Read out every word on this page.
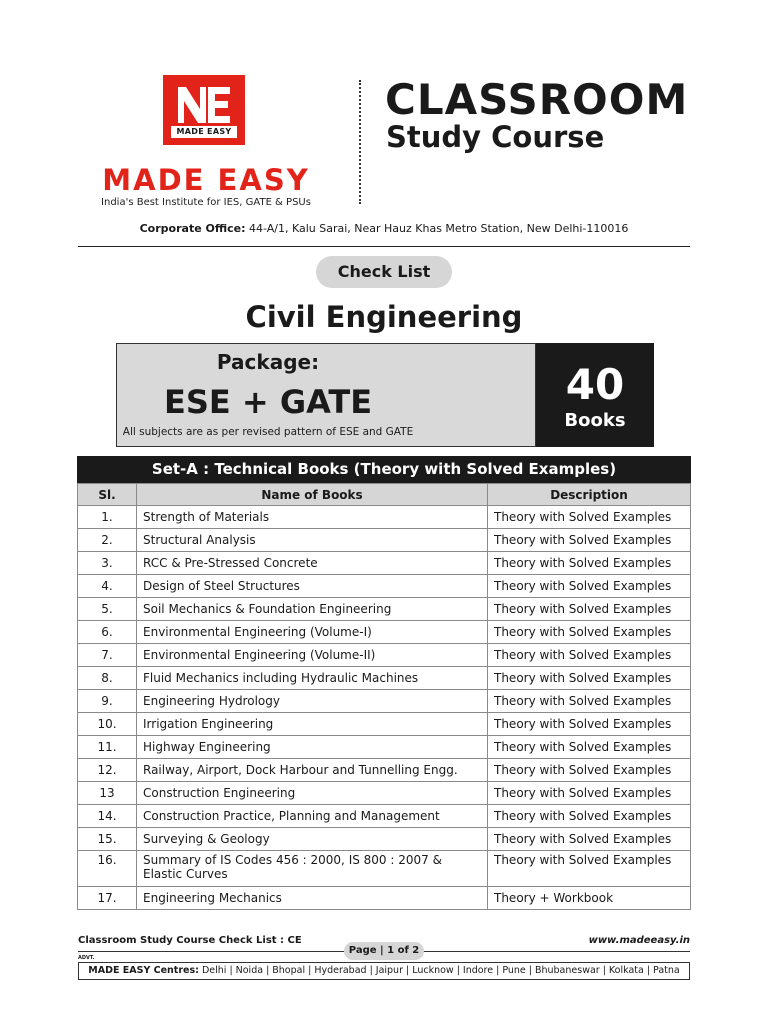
MADE EASY
MADE EASY
India's Best Institute for IES, GATE & PSUs
CLASSROOM
Study Course
Corporate Office: 44-A/1, Kalu Sarai, Near Hauz Khas Metro Station, New Delhi-110016
Check List
Civil Engineering
Package:
ESE + GATE
All subjects are as per revised pattern of ESE and GATE
40
Books
Set-A : Technical Books (Theory with Solved Examples)
Sl.	Name of Books	Description
1.	Strength of Materials	Theory with Solved Examples
2.	Structural Analysis	Theory with Solved Examples
3.	RCC & Pre-Stressed Concrete	Theory with Solved Examples
4.	Design of Steel Structures	Theory with Solved Examples
5.	Soil Mechanics & Foundation Engineering	Theory with Solved Examples
6.	Environmental Engineering (Volume-I)	Theory with Solved Examples
7.	Environmental Engineering (Volume-II)	Theory with Solved Examples
8.	Fluid Mechanics including Hydraulic Machines	Theory with Solved Examples
9.	Engineering Hydrology	Theory with Solved Examples
10.	Irrigation Engineering	Theory with Solved Examples
11.	Highway Engineering	Theory with Solved Examples
12.	Railway, Airport, Dock Harbour and Tunnelling Engg.	Theory with Solved Examples
13	Construction Engineering	Theory with Solved Examples
14.	Construction Practice, Planning and Management	Theory with Solved Examples
15.	Surveying & Geology	Theory with Solved Examples
16.	Summary of IS Codes 456 : 2000, IS 800 : 2007 & Elastic Curves	Theory with Solved Examples
17.	Engineering Mechanics	Theory + Workbook
Classroom Study Course Check List : CE	www.madeeasy.in
Page | 1 of 2
ADVT.
MADE EASY Centres: Delhi | Noida | Bhopal | Hyderabad | Jaipur | Lucknow | Indore | Pune | Bhubaneswar | Kolkata | Patna
